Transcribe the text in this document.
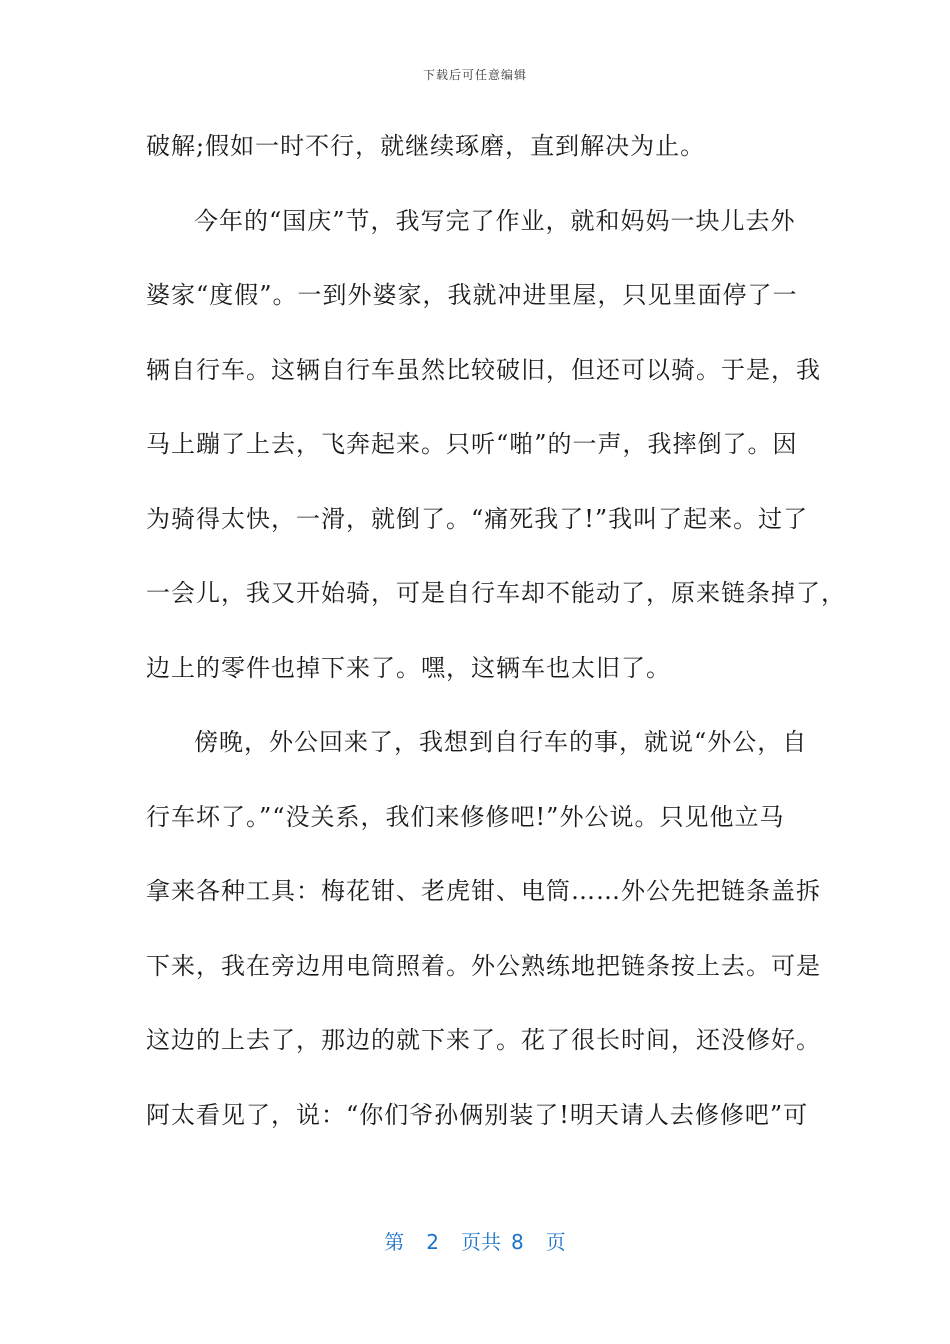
下载后可任意编辑
破解;假如一时不行，就继续琢磨，直到解决为止。
今年的“国庆”节，我写完了作业，就和妈妈一块儿去外
婆家“度假”。一到外婆家，我就冲进里屋，只见里面停了一
辆自行车。这辆自行车虽然比较破旧，但还可以骑。于是，我
马上蹦了上去，飞奔起来。只听“啪”的一声，我摔倒了。因
为骑得太快，一滑，就倒了。“痛死我了!”我叫了起来。过了
一会儿，我又开始骑，可是自行车却不能动了，原来链条掉了，
边上的零件也掉下来了。嘿，这辆车也太旧了。
傍晚，外公回来了，我想到自行车的事，就说“外公，自
行车坏了。”“没关系，我们来修修吧!”外公说。只见他立马
拿来各种工具：梅花钳、老虎钳、电筒……外公先把链条盖拆
下来，我在旁边用电筒照着。外公熟练地把链条按上去。可是
这边的上去了，那边的就下来了。花了很长时间，还没修好。
阿太看见了，说：“你们爷孙俩别装了!明天请人去修修吧”可
第 2 页共 8 页
